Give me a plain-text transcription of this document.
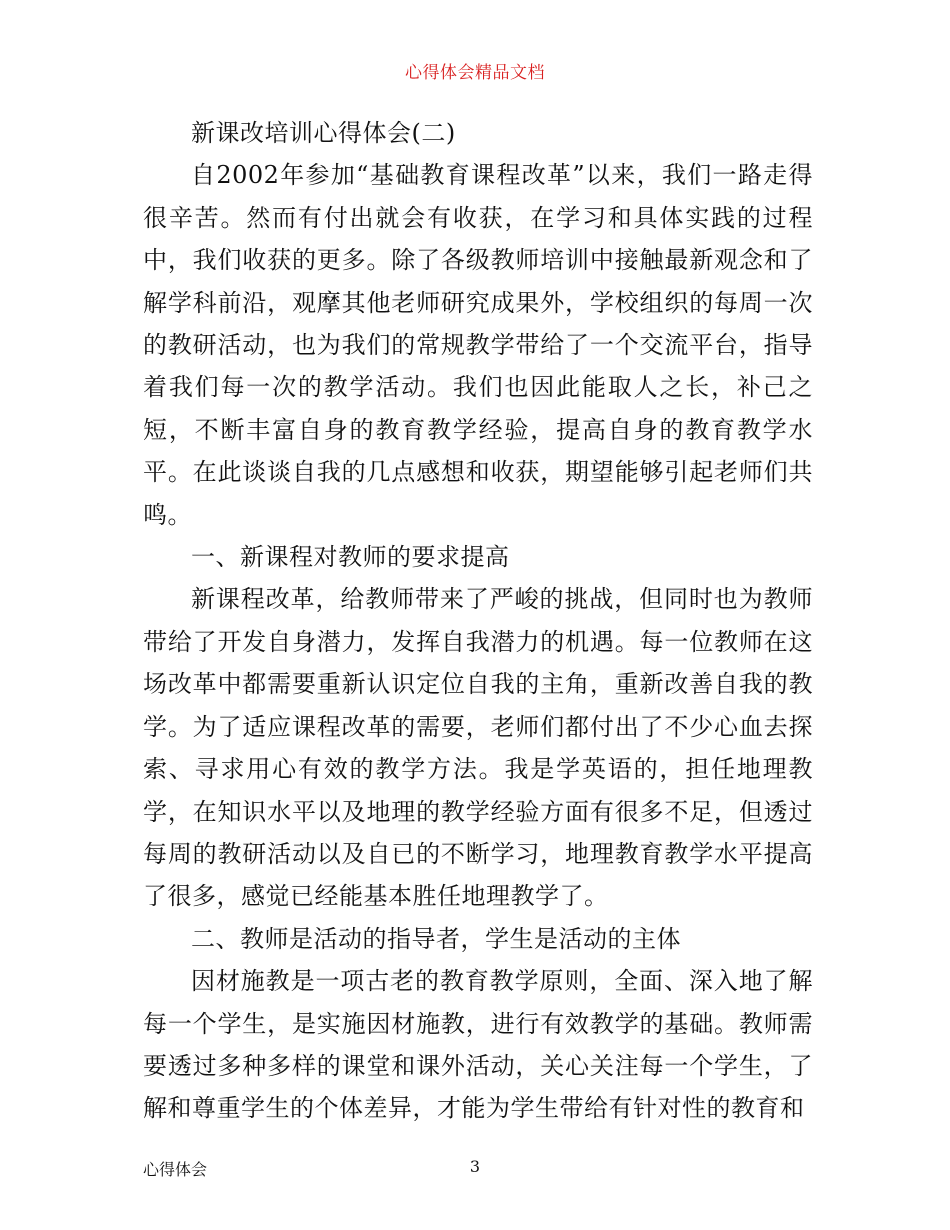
心得体会精品文档

新课改培训心得体会(二)

自2002年参加“基础教育课程改革”以来，我们一路走得很辛苦。然而有付出就会有收获，在学习和具体实践的过程中，我们收获的更多。除了各级教师培训中接触最新观念和了解学科前沿，观摩其他老师研究成果外，学校组织的每周一次的教研活动，也为我们的常规教学带给了一个交流平台，指导着我们每一次的教学活动。我们也因此能取人之长，补己之短，不断丰富自身的教育教学经验，提高自身的教育教学水平。在此谈谈自我的几点感想和收获，期望能够引起老师们共鸣。

一、新课程对教师的要求提高

新课程改革，给教师带来了严峻的挑战，但同时也为教师带给了开发自身潜力，发挥自我潜力的机遇。每一位教师在这场改革中都需要重新认识定位自我的主角，重新改善自我的教学。为了适应课程改革的需要，老师们都付出了不少心血去探索、寻求用心有效的教学方法。我是学英语的，担任地理教学，在知识水平以及地理的教学经验方面有很多不足，但透过每周的教研活动以及自已的不断学习，地理教育教学水平提高了很多，感觉已经能基本胜任地理教学了。

二、教师是活动的指导者，学生是活动的主体

因材施教是一项古老的教育教学原则，全面、深入地了解每一个学生，是实施因材施教，进行有效教学的基础。教师需要透过多种多样的课堂和课外活动，关心关注每一个学生，了解和尊重学生的个体差异，才能为学生带给有针对性的教育和

心得体会	3
